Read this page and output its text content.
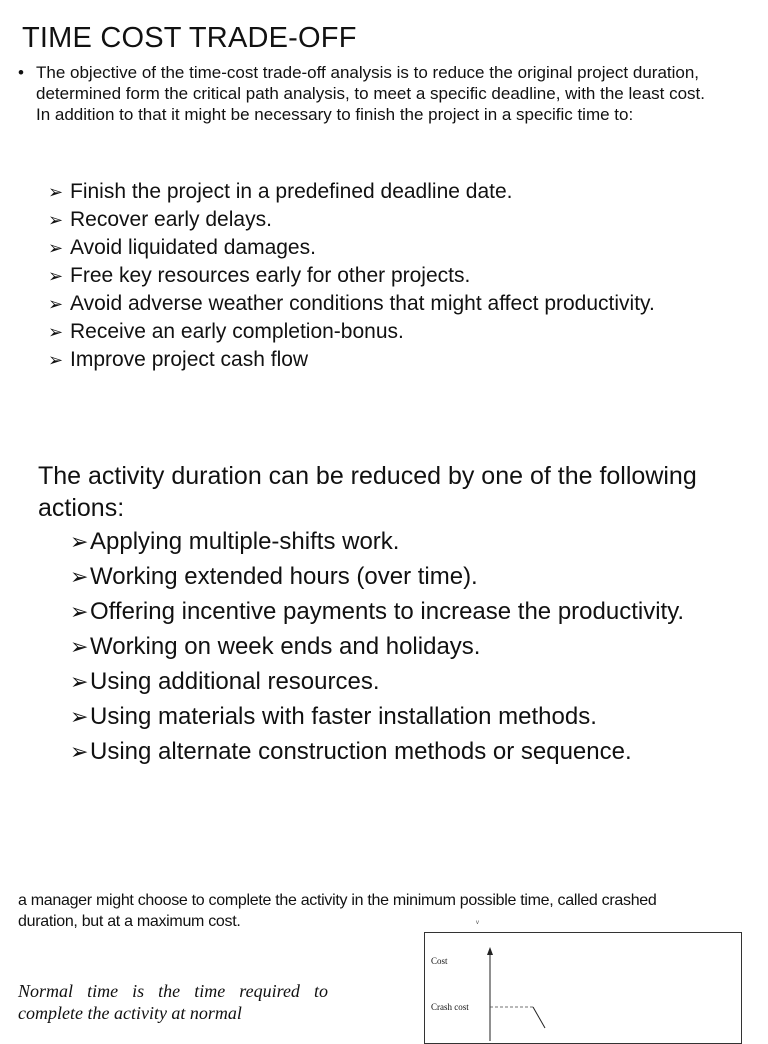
TIME COST TRADE-OFF
• The objective of the time-cost trade-off analysis is to reduce the original project duration, determined form the critical path analysis, to meet a specific deadline, with the least cost. In addition to that it might be necessary to finish the project in a specific time to:
➢ Finish the project in a predefined deadline date.
➢ Recover early delays.
➢ Avoid liquidated damages.
➢ Free key resources early for other projects.
➢ Avoid adverse weather conditions that might affect productivity.
➢ Receive an early completion-bonus.
➢ Improve project cash flow
The activity duration can be reduced by one of the following actions:
➢ Applying multiple-shifts work.
➢ Working extended hours (over time).
➢ Offering incentive payments to increase the productivity.
➢ Working on week ends and holidays.
➢ Using additional resources.
➢ Using materials with faster installation methods.
➢ Using alternate construction methods or sequence.
a manager might choose to complete the activity in the minimum possible time, called crashed duration, but at a maximum cost.	ᵛ
Normal time is the time required to complete the activity at normal
Cost
Crash cost
